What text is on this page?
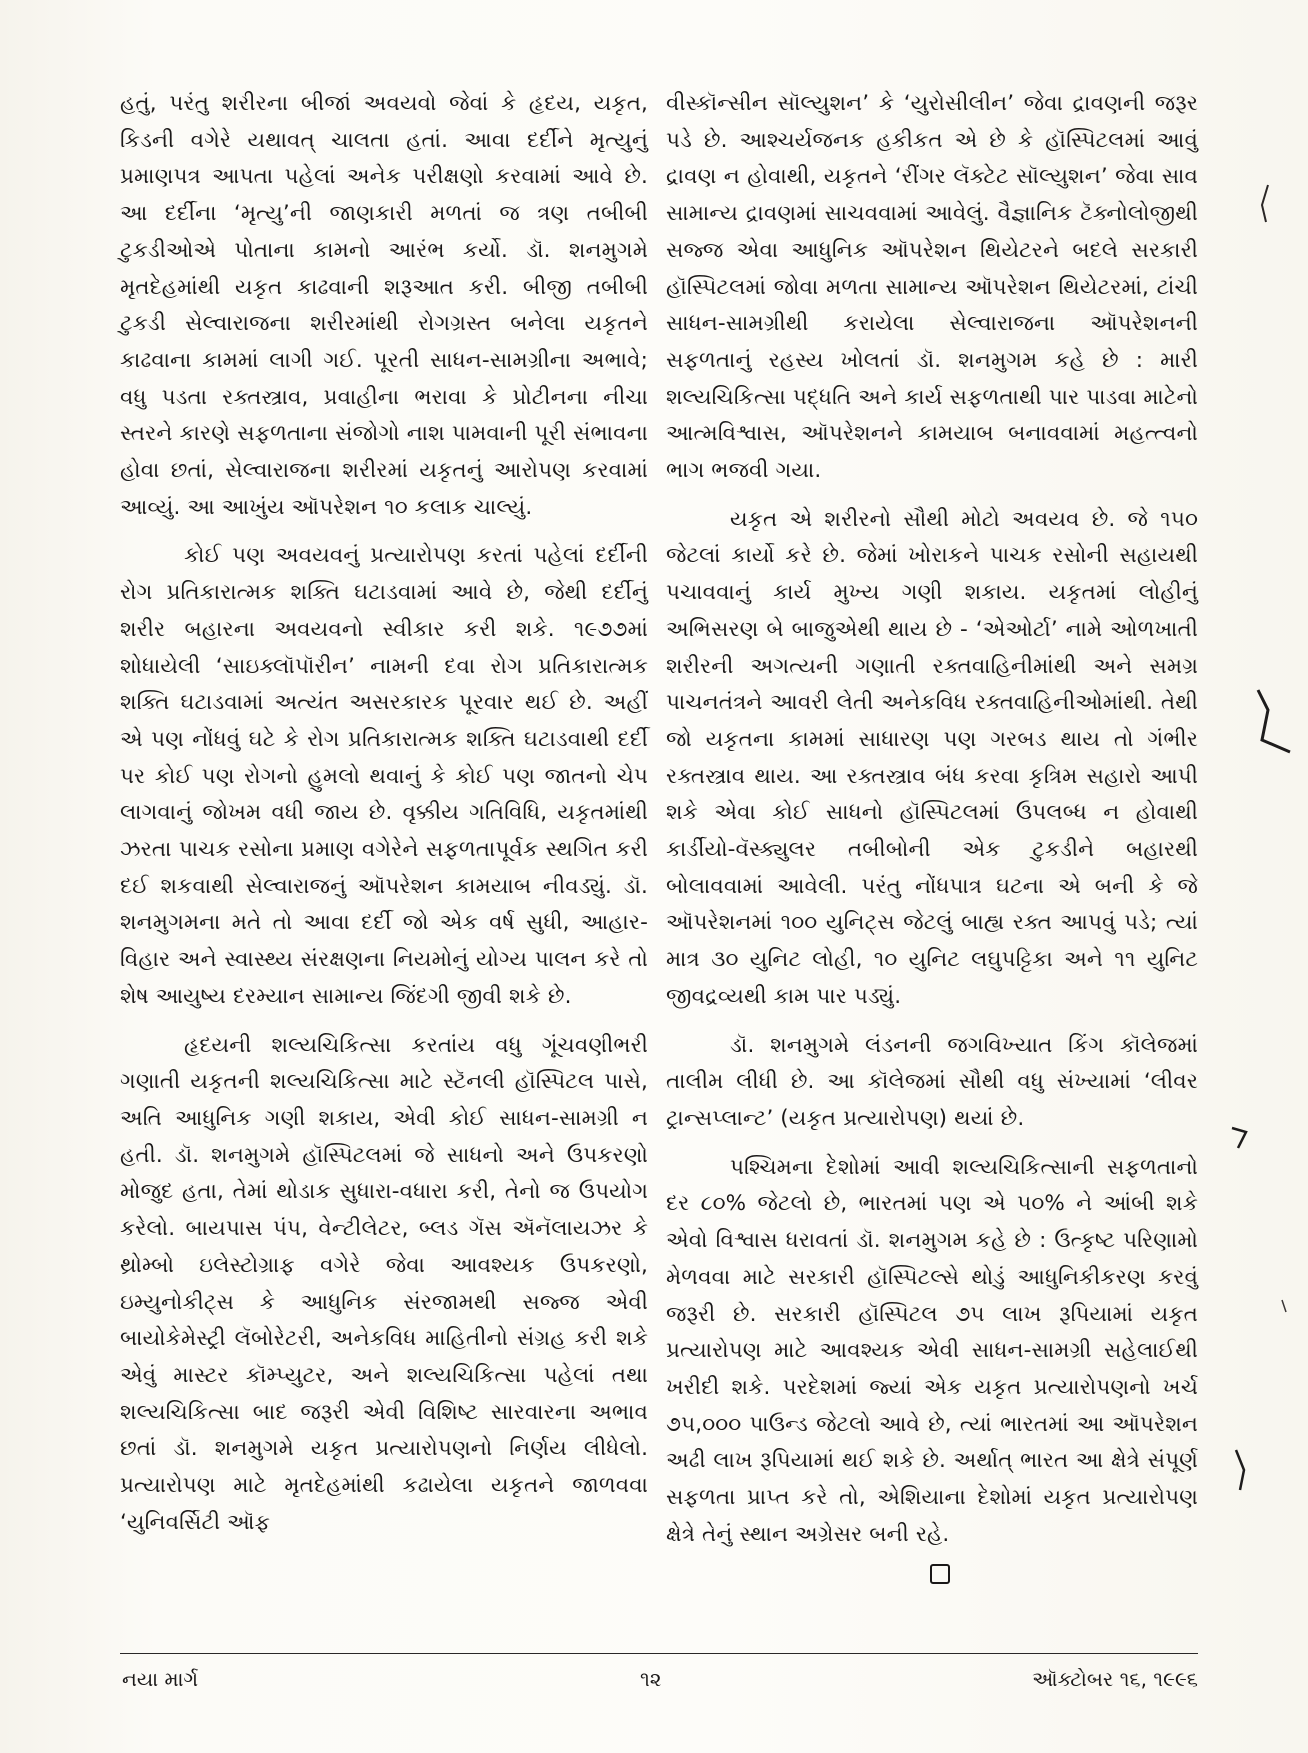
હતું, પરંતુ શરીરના બીજાં અવયવો જેવાં કે હૃદય, યકૃત, કિડની વગેરે યથાવત્ ચાલતા હતાં. આવા દર્દીને મૃત્યુનું પ્રમાણપત્ર આપતા પહેલાં અનેક પરીક્ષણો કરવામાં આવે છે. આ દર્દીના ‘મૃત્યુ’ની જાણકારી મળતાં જ ત્રણ તબીબી ટુકડીઓએ પોતાના કામનો આરંભ કર્યો. ડૉ. શનમુગમે મૃતદેહમાંથી યકૃત કાઢવાની શરૂઆત કરી. બીજી તબીબી ટુકડી સેલ્વારાજના શરીરમાંથી રોગગ્રસ્ત બનેલા યકૃતને કાઢવાના કામમાં લાગી ગઈ. પૂરતી સાધન-સામગ્રીના અભાવે; વધુ પડતા રક્તસ્ત્રાવ, પ્રવાહીના ભરાવા કે પ્રોટીનના નીચા સ્તરને કારણે સફળતાના સંજોગો નાશ પામવાની પૂરી સંભાવના હોવા છતાં, સેલ્વારાજના શરીરમાં યકૃતનું આરોપણ કરવામાં આવ્યું. આ આખુંય ઑપરેશન ૧૦ કલાક ચાલ્યું.

કોઈ પણ અવયવનું પ્રત્યારોપણ કરતાં પહેલાં દર્દીની રોગ પ્રતિકારાત્મક શક્તિ ઘટાડવામાં આવે છે, જેથી દર્દીનું શરીર બહારના અવયવનો સ્વીકાર કરી શકે. ૧૯૭૭માં શોધાયેલી ‘સાઇક્લૉપૉરીન’ નામની દવા રોગ પ્રતિકારાત્મક શક્તિ ઘટાડવામાં અત્યંત અસરકારક પૂરવાર થઈ છે. અહીં એ પણ નોંધવું ઘટે કે રોગ પ્રતિકારાત્મક શક્તિ ઘટાડવાથી દર્દી પર કોઈ પણ રોગનો હુમલો થવાનું કે કોઈ પણ જાતનો ચેપ લાગવાનું જોખમ વધી જાય છે. વૃક્કીય ગતિવિધિ, યકૃતમાંથી ઝરતા પાચક રસોના પ્રમાણ વગેરેને સફળતાપૂર્વક સ્થગિત કરી દઈ શકવાથી સેલ્વારાજનું ઑપરેશન કામયાબ નીવડ્યું. ડૉ. શનમુગમના મતે તો આવા દર્દી જો એક વર્ષ સુધી, આહાર-વિહાર અને સ્વાસ્થ્ય સંરક્ષણના નિયમોનું યોગ્ય પાલન કરે તો શેષ આયુષ્ય દરમ્યાન સામાન્ય જિંદગી જીવી શકે છે.

હૃદયની શલ્યચિકિત્સા કરતાંય વધુ ગૂંચવણીભરી ગણાતી યકૃતની શલ્યચિકિત્સા માટે સ્ટૅનલી હૉસ્પિટલ પાસે, અતિ આધુનિક ગણી શકાય, એવી કોઈ સાધન-સામગ્રી ન હતી. ડૉ. શનમુગમે હૉસ્પિટલમાં જે સાધનો અને ઉપકરણો મોજુદ હતા, તેમાં થોડાક સુધારા-વધારા કરી, તેનો જ ઉપયોગ કરેલો. બાયપાસ પંપ, વેન્ટીલેટર, બ્લડ ગૅસ ઍનૅલાયઝર કે થ્રોમ્બો ઇલેસ્ટોગ્રાફ વગેરે જેવા આવશ્યક ઉપકરણો, ઇમ્યુનોકીટ્સ કે આધુનિક સંરજામથી સજ્જ એવી બાયોકેમેસ્ટ્રી લૅબોરેટરી, અનેકવિધ માહિતીનો સંગ્રહ કરી શકે એવું માસ્ટર કૉમ્પ્યુટર, અને શલ્યચિકિત્સા પહેલાં તથા શલ્યચિકિત્સા બાદ જરૂરી એવી વિશિષ્ટ સારવારના અભાવ છતાં ડૉ. શનમુગમે યકૃત પ્રત્યારોપણનો નિર્ણય લીધેલો. પ્રત્યારોપણ માટે મૃતદેહમાંથી કઢાયેલા યકૃતને જાળવવા ‘યુનિવર્સિટી ઑફ

વીસ્કૉન્સીન સૉલ્યુશન’ કે ‘યુરોસીલીન’ જેવા દ્રાવણની જરૂર પડે છે. આશ્ચર્યજનક હકીકત એ છે કે હૉસ્પિટલમાં આવું દ્રાવણ ન હોવાથી, યકૃતને ‘રીંગર લૅક્ટેટ સૉલ્યુશન’ જેવા સાવ સામાન્ય દ્રાવણમાં સાચવવામાં આવેલું. વૈજ્ઞાનિક ટૅક્નોલોજીથી સજ્જ એવા આધુનિક ઑપરેશન થિયેટરને બદલે સરકારી હૉસ્પિટલમાં જોવા મળતા સામાન્ય ઑપરેશન થિયેટરમાં, ટાંચી સાધન-સામગ્રીથી કરાયેલા સેલ્વારાજના ઑપરેશનની સફળતાનું રહસ્ય ખોલતાં ડૉ. શનમુગમ કહે છે : મારી શલ્યચિકિત્સા પદ્ધતિ અને કાર્ય સફળતાથી પાર પાડવા માટેનો આત્મવિશ્વાસ, ઑપરેશનને કામયાબ બનાવવામાં મહત્ત્વનો ભાગ ભજવી ગયા.

યકૃત એ શરીરનો સૌથી મોટો અવયવ છે. જે ૧૫૦ જેટલાં કાર્યો કરે છે. જેમાં ખોરાકને પાચક રસોની સહાયથી પચાવવાનું કાર્ય મુખ્ય ગણી શકાય. યકૃતમાં લોહીનું અભિસરણ બે બાજુએથી થાય છે - ‘એઓર્ટા’ નામે ઓળખાતી શરીરની અગત્યની ગણાતી રક્તવાહિનીમાંથી અને સમગ્ર પાચનતંત્રને આવરી લેતી અનેકવિધ રક્તવાહિનીઓમાંથી. તેથી જો યકૃતના કામમાં સાધારણ પણ ગરબડ થાય તો ગંભીર રક્તસ્ત્રાવ થાય. આ રક્તસ્ત્રાવ બંધ કરવા કૃત્રિમ સહારો આપી શકે એવા કોઈ સાધનો હૉસ્પિટલમાં ઉપલબ્ધ ન હોવાથી કાર્ડીયો-વૅસ્ક્યુલર તબીબોની એક ટુકડીને બહારથી બોલાવવામાં આવેલી. પરંતુ નોંધપાત્ર ઘટના એ બની કે જે ઑપરેશનમાં ૧૦૦ યુનિટ્સ જેટલું બાહ્ય રક્ત આપવું પડે; ત્યાં માત્ર ૩૦ યુનિટ લોહી, ૧૦ યુનિટ લઘુપટ્ટિકા અને ૧૧ યુનિટ જીવદ્રવ્યથી કામ પાર પડ્યું.

ડૉ. શનમુગમે લંડનની જગવિખ્યાત કિંગ કૉલેજમાં તાલીમ લીધી છે. આ કૉલેજમાં સૌથી વધુ સંખ્યામાં ‘લીવર ટ્રાન્સપ્લાન્ટ’ (યકૃત પ્રત્યારોપણ) થયાં છે.

પશ્ચિમના દેશોમાં આવી શલ્યચિકિત્સાની સફળતાનો દર ૮૦% જેટલો છે, ભારતમાં પણ એ ૫૦% ને આંબી શકે એવો વિશ્વાસ ધરાવતાં ડૉ. શનમુગમ કહે છે : ઉત્કૃષ્ટ પરિણામો મેળવવા માટે સરકારી હૉસ્પિટલ્સે થોડું આધુનિકીકરણ કરવું જરૂરી છે. સરકારી હૉસ્પિટલ ૭૫ લાખ રૂપિયામાં યકૃત પ્રત્યારોપણ માટે આવશ્યક એવી સાધન-સામગ્રી સહેલાઈથી ખરીદી શકે. પરદેશમાં જ્યાં એક યકૃત પ્રત્યારોપણનો ખર્ચ ૭૫,૦૦૦ પાઉન્ડ જેટલો આવે છે, ત્યાં ભારતમાં આ ઑપરેશન અઢી લાખ રૂપિયામાં થઈ શકે છે. અર્થાત્ ભારત આ ક્ષેત્રે સંપૂર્ણ સફળતા પ્રાપ્ત કરે તો, એશિયાના દેશોમાં યકૃત પ્રત્યારોપણ ક્ષેત્રે તેનું સ્થાન અગ્રેસર બની રહે.

નયા માર્ગ	૧૨	ઑક્ટોબર ૧૬, ૧૯૯૬
